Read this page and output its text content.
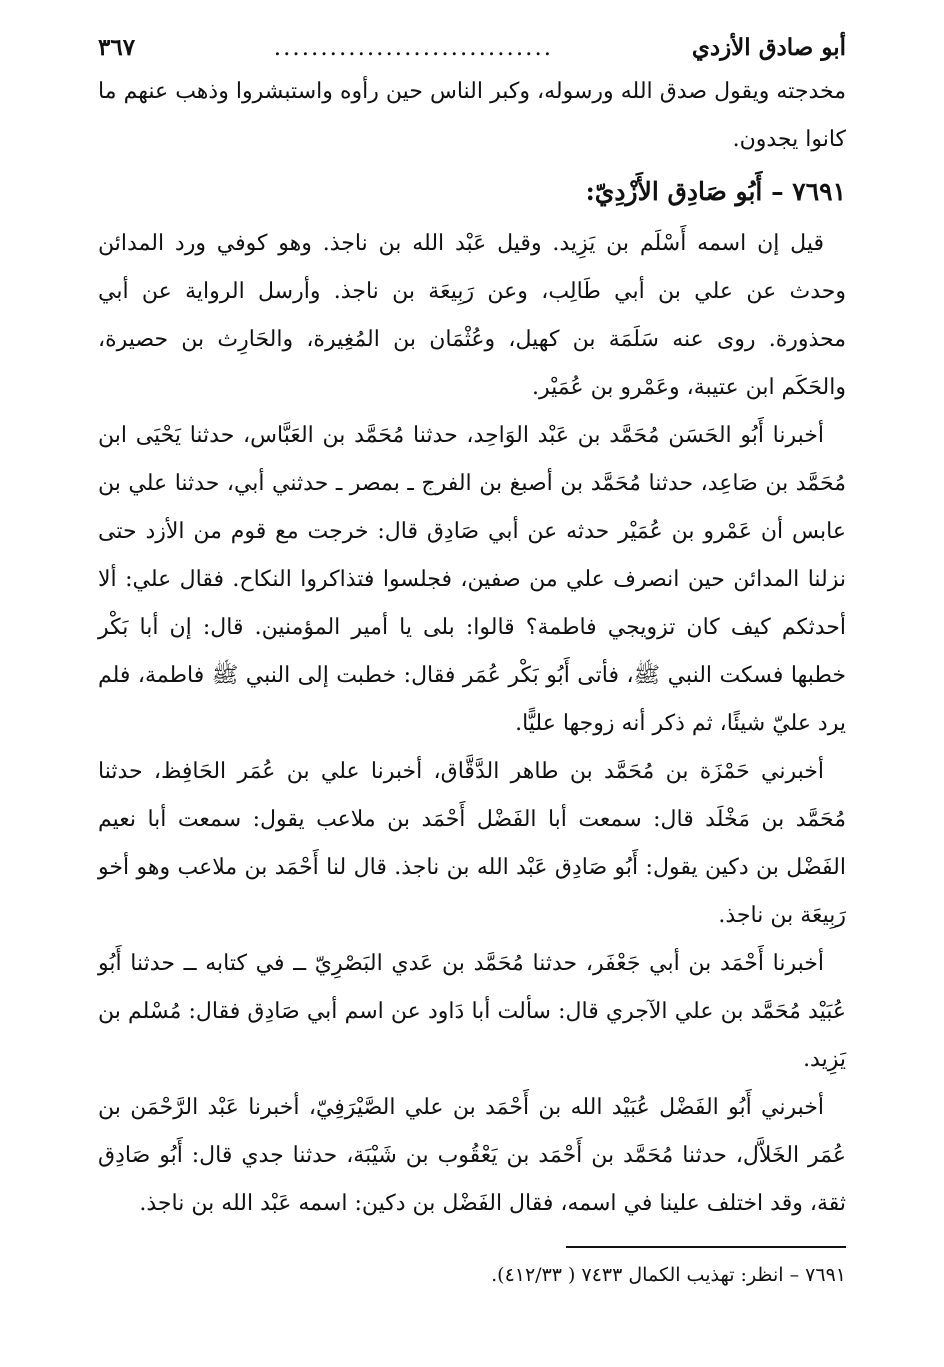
أبو صادق الأزدي
..............................
٣٦٧

مخدجته ويقول صدق الله ورسوله، وكبر الناس حين رأوه واستبشروا وذهب عنهم ما كانوا يجدون.

٧٦٩١ – أَبُو صَادِق الأَزْدِيّ:

قيل إن اسمه أَسْلَم بن يَزِيد. وقيل عَبْد الله بن ناجذ. وهو كوفي ورد المدائن وحدث عن علي بن أبي طَالِب، وعن رَبِيعَة بن ناجذ. وأرسل الرواية عن أبي محذورة. روى عنه سَلَمَة بن كهيل، وعُثْمَان بن المُغِيرة، والحَارِث بن حصيرة، والحَكَم ابن عتيبة، وعَمْرو بن عُمَيْر.

أخبرنا أَبُو الحَسَن مُحَمَّد بن عَبْد الوَاحِد، حدثنا مُحَمَّد بن العَبَّاس، حدثنا يَحْيَى ابن مُحَمَّد بن صَاعِد، حدثنا مُحَمَّد بن أصبغ بن الفرج ـ بمصر ـ حدثني أبي، حدثنا علي بن عابس أن عَمْرو بن عُمَيْر حدثه عن أبي صَادِق قال: خرجت مع قوم من الأزد حتى نزلنا المدائن حين انصرف علي من صفين، فجلسوا فتذاكروا النكاح. فقال علي: ألا أحدثكم كيف كان تزويجي فاطمة؟ قالوا: بلى يا أمير المؤمنين. قال: إن أبا بَكْر خطبها فسكت النبي ﷺ، فأتى أَبُو بَكْر عُمَر فقال: خطبت إلى النبي ﷺ فاطمة، فلم يرد عليّ شيئًا، ثم ذكر أنه زوجها عليًّا.

أخبرني حَمْزَة بن مُحَمَّد بن طاهر الدَّقَّاق، أخبرنا علي بن عُمَر الحَافِظ، حدثنا مُحَمَّد بن مَخْلَد قال: سمعت أبا الفَضْل أَحْمَد بن ملاعب يقول: سمعت أبا نعيم الفَضْل بن دكين يقول: أَبُو صَادِق عَبْد الله بن ناجذ. قال لنا أَحْمَد بن ملاعب وهو أخو رَبِيعَة بن ناجذ.

أخبرنا أَحْمَد بن أبي جَعْفَر، حدثنا مُحَمَّد بن عَدي البَصْرِيّ ــ في كتابه ــ حدثنا أَبُو عُبَيْد مُحَمَّد بن علي الآجري قال: سألت أبا دَاود عن اسم أبي صَادِق فقال: مُسْلم بن يَزِيد.

أخبرني أَبُو الفَضْل عُبَيْد الله بن أَحْمَد بن علي الصَّيْرَفِيّ، أخبرنا عَبْد الرَّحْمَن بن عُمَر الخَلاَّل، حدثنا مُحَمَّد بن أَحْمَد بن يَعْقُوب بن شَيْبَة، حدثنا جدي قال: أَبُو صَادِق ثقة، وقد اختلف علينا في اسمه، فقال الفَضْل بن دكين: اسمه عَبْد الله بن ناجذ.

٧٦٩١ – انظر: تهذيب الكمال ٧٤٣٣ ( ٤١٢/٣٣).
